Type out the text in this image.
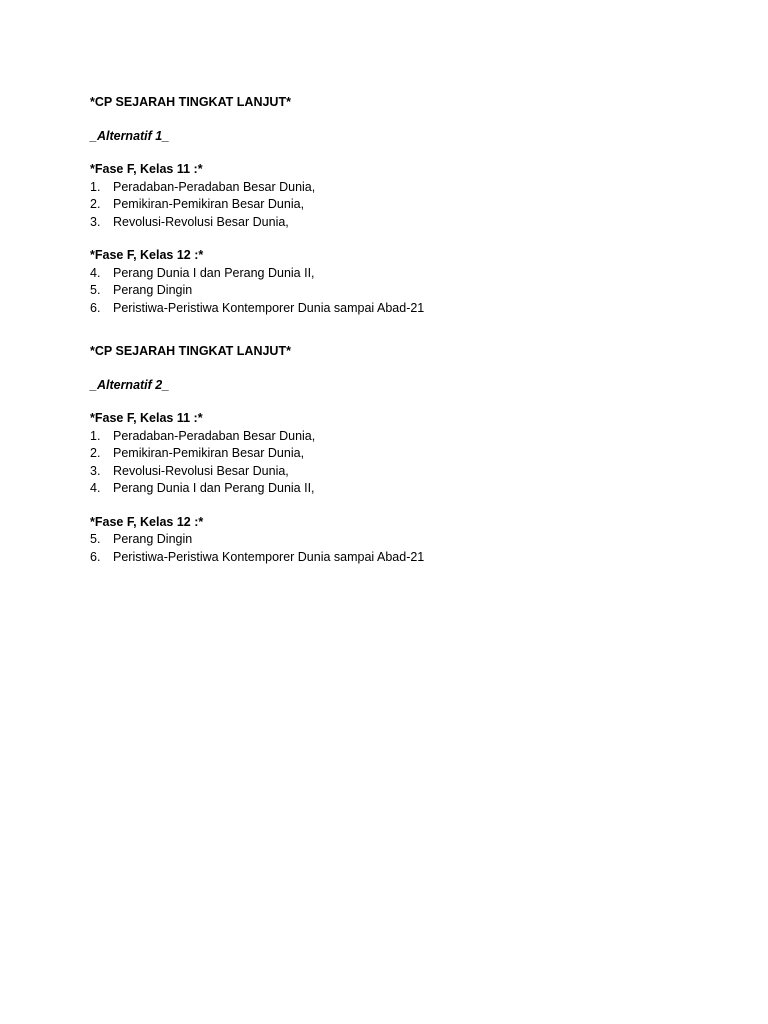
*CP SEJARAH TINGKAT LANJUT*

_Alternatif 1_

*Fase F, Kelas 11 :*

1.	Peradaban-Peradaban Besar Dunia,
2.	Pemikiran-Pemikiran Besar Dunia,
3.	Revolusi-Revolusi Besar Dunia,

*Fase F, Kelas 12 :*

4.	Perang Dunia I dan Perang Dunia II,
5.	Perang Dingin
6.	Peristiwa-Peristiwa Kontemporer Dunia sampai Abad-21

*CP SEJARAH TINGKAT LANJUT*

_Alternatif 2_

*Fase F, Kelas 11 :*

1.	Peradaban-Peradaban Besar Dunia,
2.	Pemikiran-Pemikiran Besar Dunia,
3.	Revolusi-Revolusi Besar Dunia,
4.	Perang Dunia I dan Perang Dunia II,

*Fase F, Kelas 12 :*

5.	Perang Dingin
6.	Peristiwa-Peristiwa Kontemporer Dunia sampai Abad-21
